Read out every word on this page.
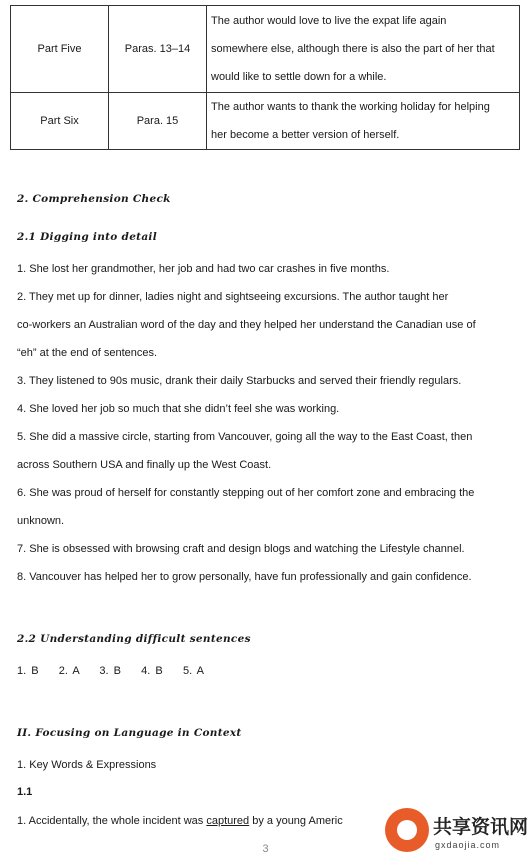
Part Five	Paras. 13–14	The author would love to live the expat life again
somewhere else, although there is also the part of her that
would like to settle down for a while.

Part Six	Para. 15	The author wants to thank the working holiday for helping
her become a better version of herself.
2. Comprehension Check
2.1 Digging into detail
1. She lost her grandmother, her job and had two car crashes in five months.
2. They met up for dinner, ladies night and sightseeing excursions. The author taught her
co-workers an Australian word of the day and they helped her understand the Canadian use of
“eh” at the end of sentences.
3. They listened to 90s music, drank their daily Starbucks and served their friendly regulars.
4. She loved her job so much that she didn’t feel she was working.
5. She did a massive circle, starting from Vancouver, going all the way to the East Coast, then
across Southern USA and finally up the West Coast.
6. She was proud of herself for constantly stepping out of her comfort zone and embracing the
unknown.
7. She is obsessed with browsing craft and design blogs and watching the Lifestyle channel.
8. Vancouver has helped her to grow personally, have fun professionally and gain confidence.
2.2 Understanding difficult sentences
1. B    2. A    3. B    4. B    5. A
II. Focusing on Language in Context
1. Key Words & Expressions
1.1
1. Accidentally, the whole incident was captured by a young Americ
3
共享资讯网
gxdaojia.com
